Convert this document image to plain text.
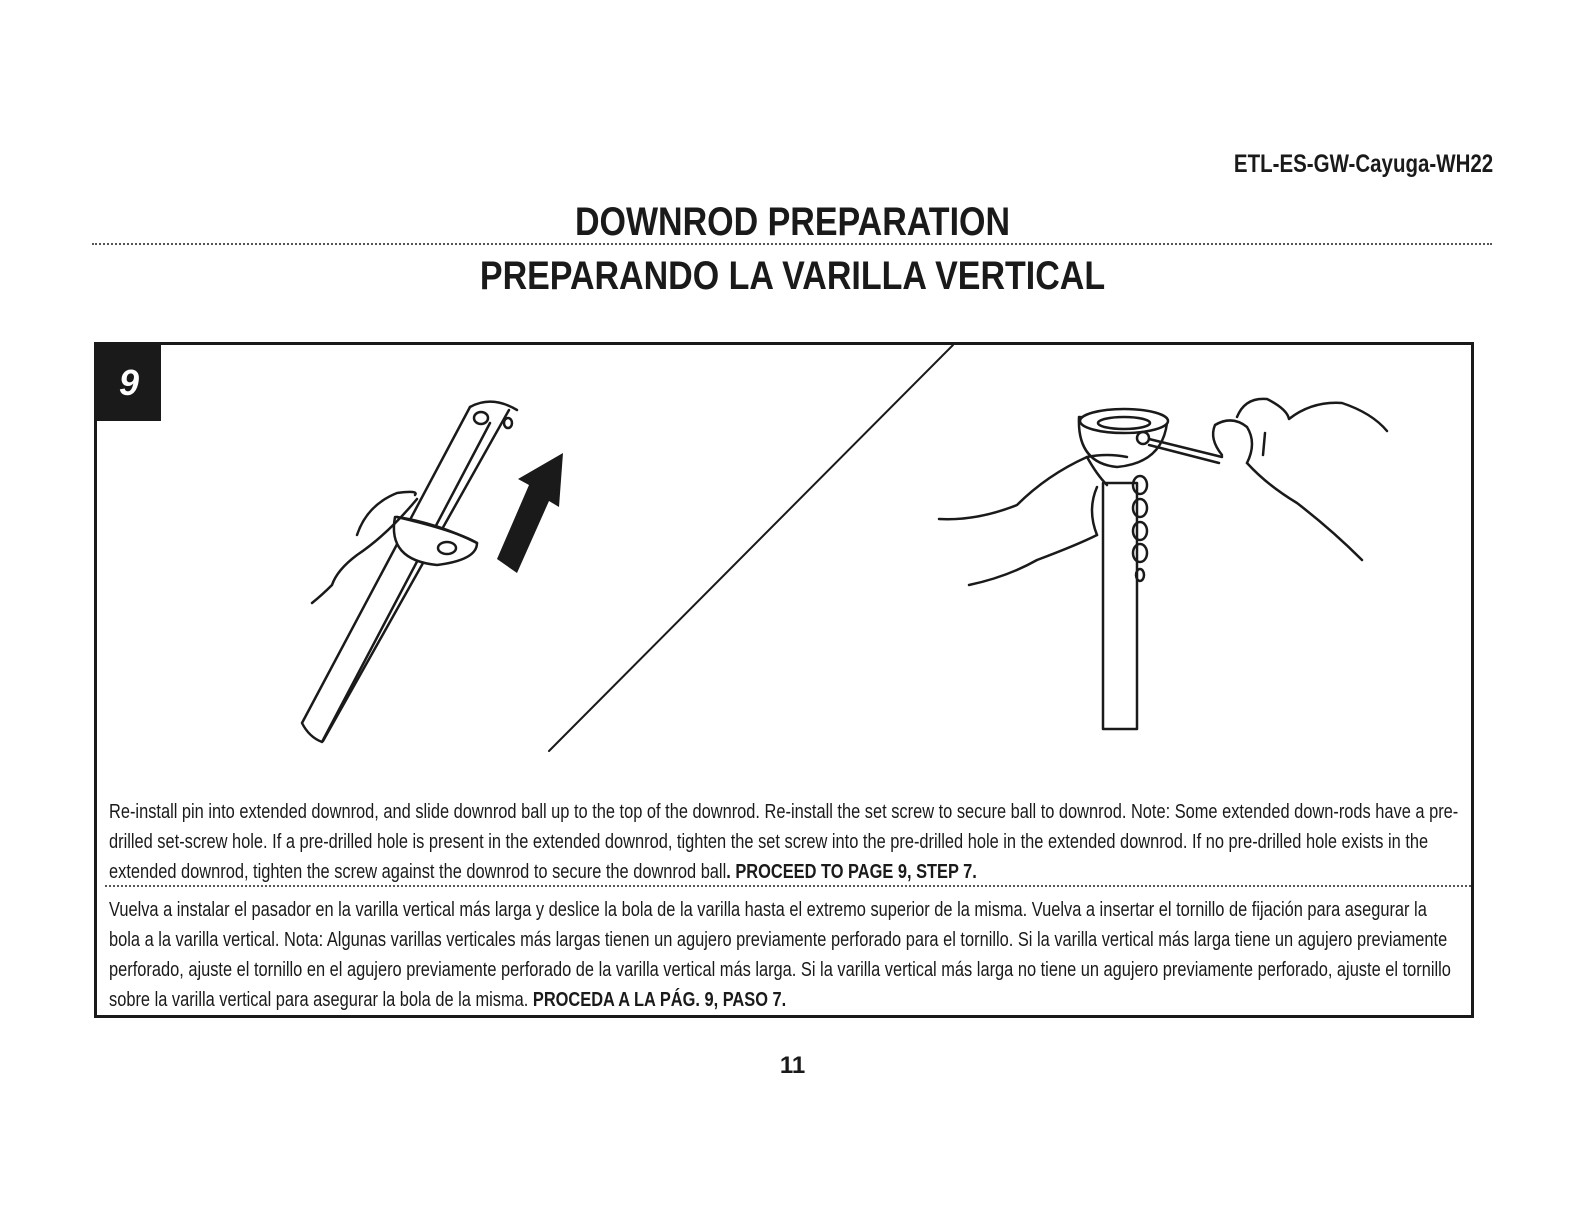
ETL-ES-GW-Cayuga-WH22
DOWNROD PREPARATION
PREPARANDO LA VARILLA VERTICAL
9

Re-install pin into extended downrod, and slide downrod ball up to the top of the downrod. Re-install the set screw to secure ball to downrod. Note: Some extended down-rods have a pre-drilled set-screw hole. If a pre-drilled hole is present in the extended downrod, tighten the set screw into the pre-drilled hole in the extended downrod. If no pre-drilled hole exists in the extended downrod, tighten the screw against the downrod to secure the downrod ball. PROCEED TO PAGE 9, STEP 7.

Vuelva a instalar el pasador en la varilla vertical más larga y deslice la bola de la varilla hasta el extremo superior de la misma. Vuelva a insertar el tornillo de fijación para asegurar la bola a la varilla vertical. Nota: Algunas varillas verticales más largas tienen un agujero previamente perforado para el tornillo. Si la varilla vertical más larga tiene un agujero previamente perforado, ajuste el tornillo en el agujero previamente perforado de la varilla vertical más larga. Si la varilla vertical más larga no tiene un agujero previamente perforado, ajuste el tornillo sobre la varilla vertical para asegurar la bola de la misma. PROCEDA A LA PÁG. 9, PASO 7.

11
